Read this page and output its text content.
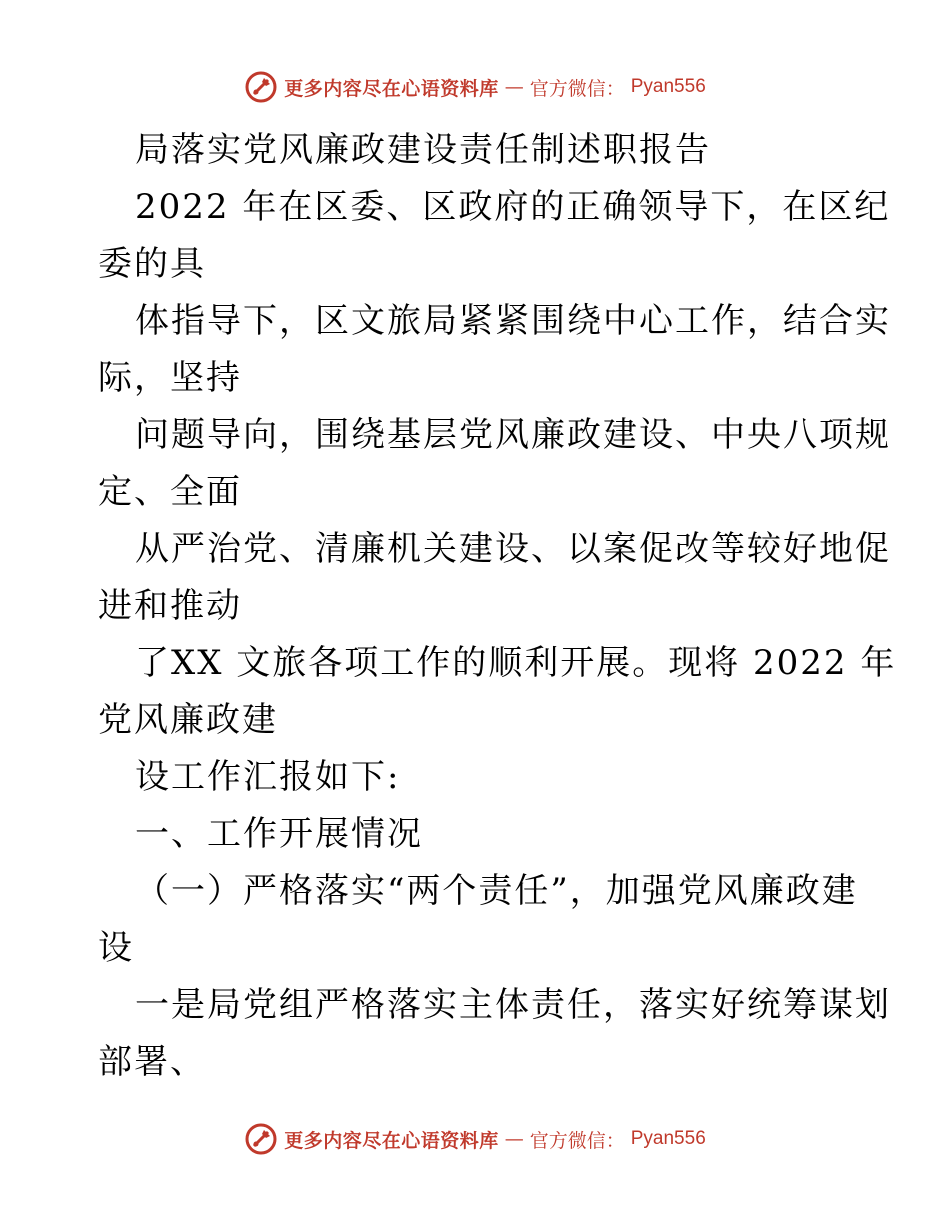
更多内容尽在心语资料库 — 官方微信： Pyan556
局落实党风廉政建设责任制述职报告
2022 年在区委、区政府的正确领导下，在区纪
委的具
体指导下，区文旅局紧紧围绕中心工作，结合实
际，坚持
问题导向，围绕基层党风廉政建设、中央八项规
定、全面
从严治党、清廉机关建设、以案促改等较好地促
进和推动
了XX 文旅各项工作的顺利开展。现将 2022 年
党风廉政建
设工作汇报如下:
一、工作开展情况
（一）严格落实“两个责任”，加强党风廉政建
设
一是局党组严格落实主体责任，落实好统筹谋划
部署、
更多内容尽在心语资料库 — 官方微信： Pyan556
